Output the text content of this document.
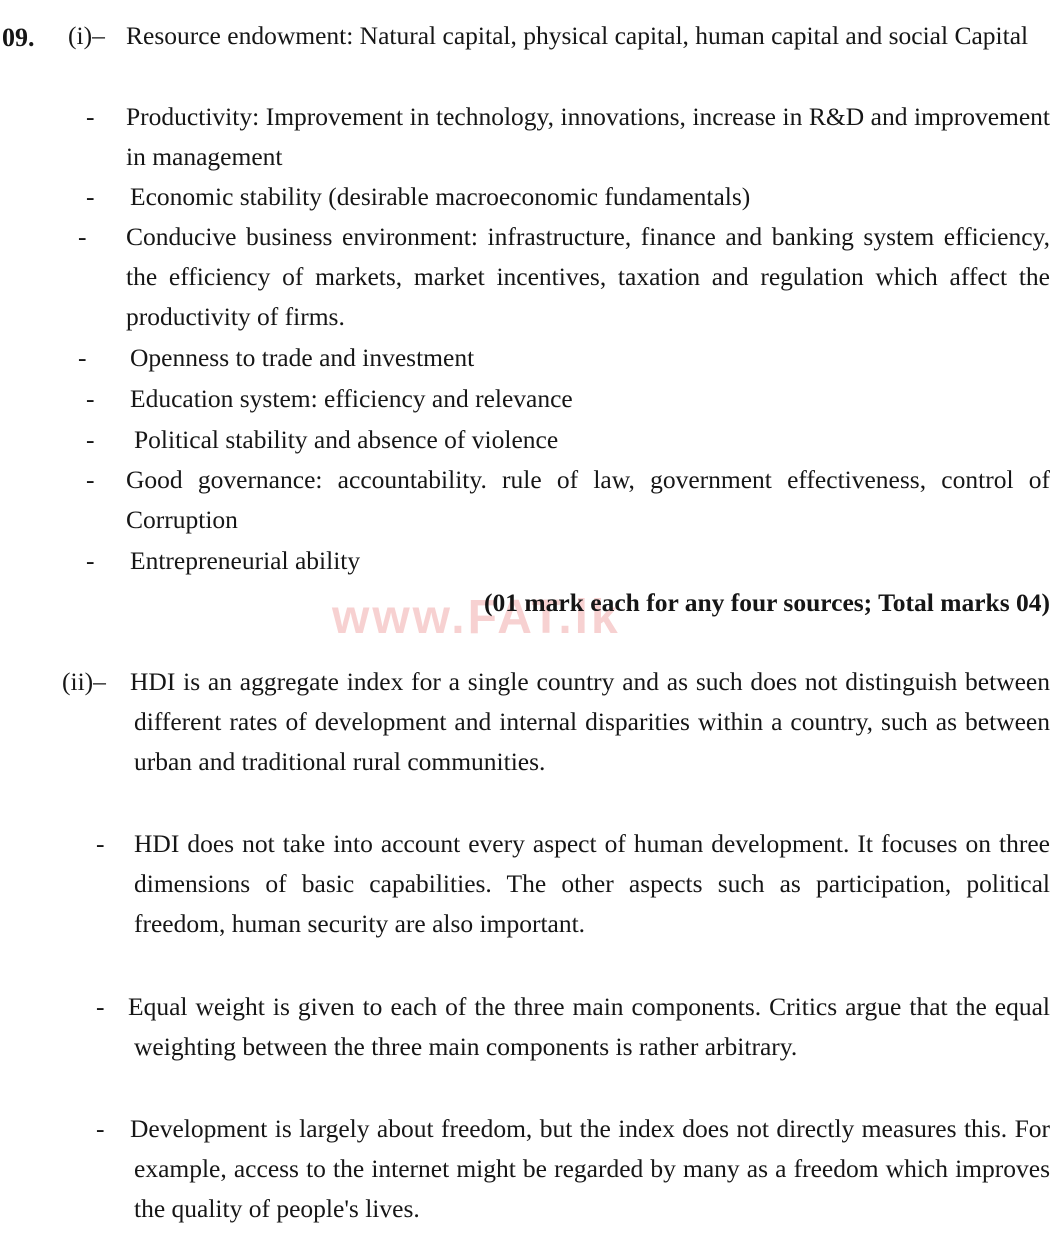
www.FAT.lk
09. (i)– Resource endowment: Natural capital, physical capital, human capital and social Capital
- Productivity: Improvement in technology, innovations, increase in R&D and improvement in management
- Economic stability (desirable macroeconomic fundamentals)
- Conducive business environment: infrastructure, finance and banking system efficiency, the efficiency of markets, market incentives, taxation and regulation which affect the productivity of firms.
- Openness to trade and investment
- Education system: efficiency and relevance
- Political stability and absence of violence
- Good governance: accountability. rule of law, government effectiveness, control of Corruption
- Entrepreneurial ability
(01 mark each for any four sources; Total marks 04)
(ii)– HDI is an aggregate index for a single country and as such does not distinguish between different rates of development and internal disparities within a country, such as between urban and traditional rural communities.
- HDI does not take into account every aspect of human development. It focuses on three dimensions of basic capabilities. The other aspects such as participation, political freedom, human security are also important.
- Equal weight is given to each of the three main components. Critics argue that the equal weighting between the three main components is rather arbitrary.
- Development is largely about freedom, but the index does not directly measures this. For example, access to the internet might be regarded by many as a freedom which improves the quality of people's lives.
